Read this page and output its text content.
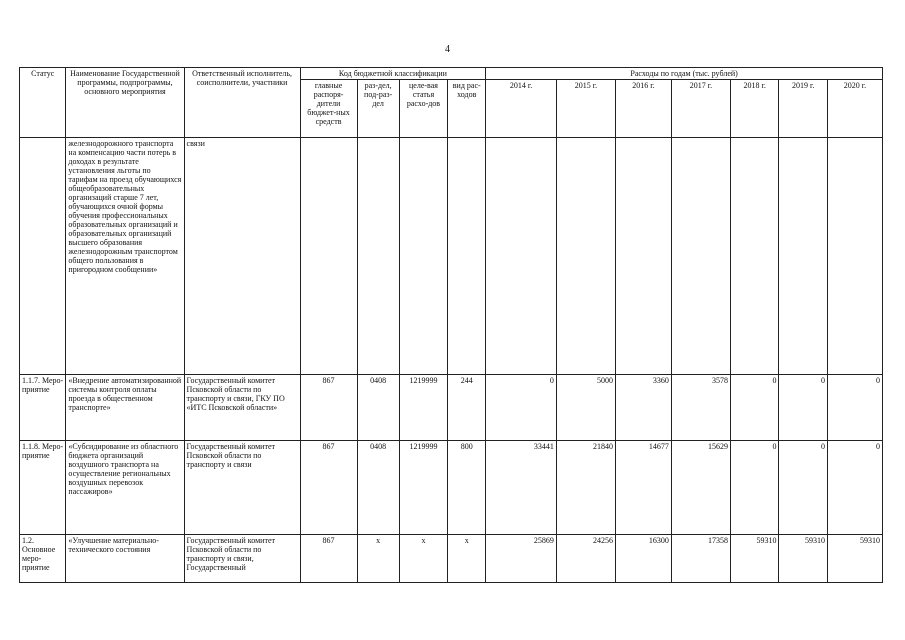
4
Статус	Наименование Государственной программы, подпрограммы, основного мероприятия	Ответственный исполнитель, соисполнители, участники	Код бюджетной классификации				Расходы по годам (тыс. рублей)						
			главные распоря-дители бюджет-ных средств	раз-дел, под-раз-дел	целе-вая статья расхо-дов	вид рас-ходов	2014 г.	2015 г.	2016 г.	2017 г.	2018 г.	2019 г.	2020 г.
	железнодорожного транспорта на компенсацию части потерь в доходах в результате установления льготы по тарифам на проезд обучающихся общеобразовательных организаций старше 7 лет, обучающихся очной формы обучения профессиональных образовательных организаций и образовательных организаций высшего образования железнодорожным транспортом общего пользования в пригородном сообщении»	связи											
1.1.7. Меро-приятие	«Внедрение автоматизированной системы контроля оплаты проезда в общественном транспорте»	Государственный комитет Псковской области по транспорту и связи, ГКУ ПО «ИТС Псковской области»	867	0408	1219999	244	0	5000	3360	3578	0	0	0
1.1.8. Меро-приятие	«Субсидирование из областного бюджета организаций воздушного транспорта на осуществление региональных воздушных перевозок пассажиров»	Государственный комитет Псковской области по транспорту и связи	867	0408	1219999	800	33441	21840	14677	15629	0	0	0
1.2. Основное меро-приятие	«Улучшение материально-технического состояния	Государственный комитет Псковской области по транспорту и связи, Государственный	867	х	х	х	25869	24256	16300	17358	59310	59310	59310
